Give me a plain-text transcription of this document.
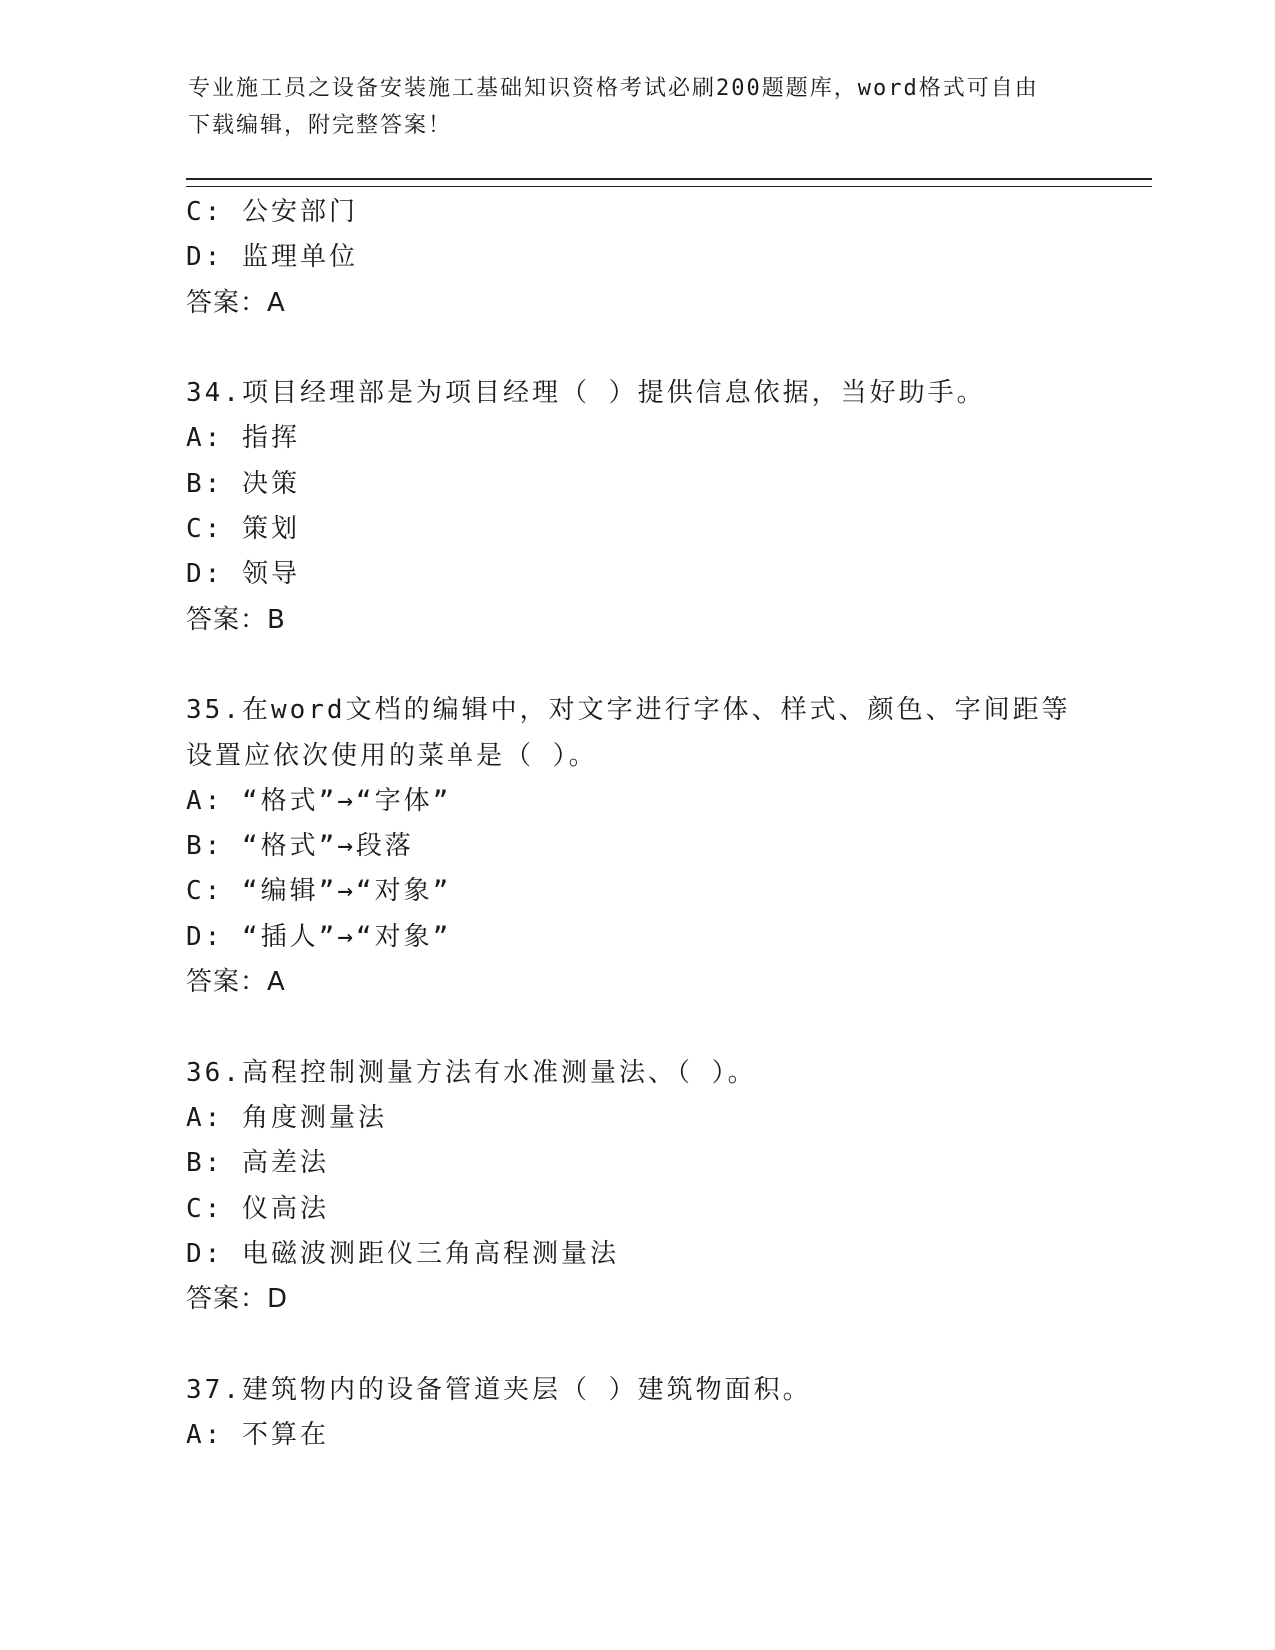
专业施工员之设备安装施工基础知识资格考试必刷200题题库，word格式可自由
下载编辑，附完整答案！
C: 公安部门
D: 监理单位
答案：A
34.项目经理部是为项目经理（ ）提供信息依据，当好助手。
A: 指挥
B: 决策
C: 策划
D: 领导
答案：B
35.在word文档的编辑中，对文字进行字体、样式、颜色、字间距等
设置应依次使用的菜单是（ ）。
A: “格式”→“字体”
B: “格式”→段落
C: “编辑”→“对象”
D: “插人”→“对象”
答案：A
36.高程控制测量方法有水准测量法、（ ）。
A: 角度测量法
B: 高差法
C: 仪高法
D: 电磁波测距仪三角高程测量法
答案：D
37.建筑物内的设备管道夹层（ ）建筑物面积。
A: 不算在
